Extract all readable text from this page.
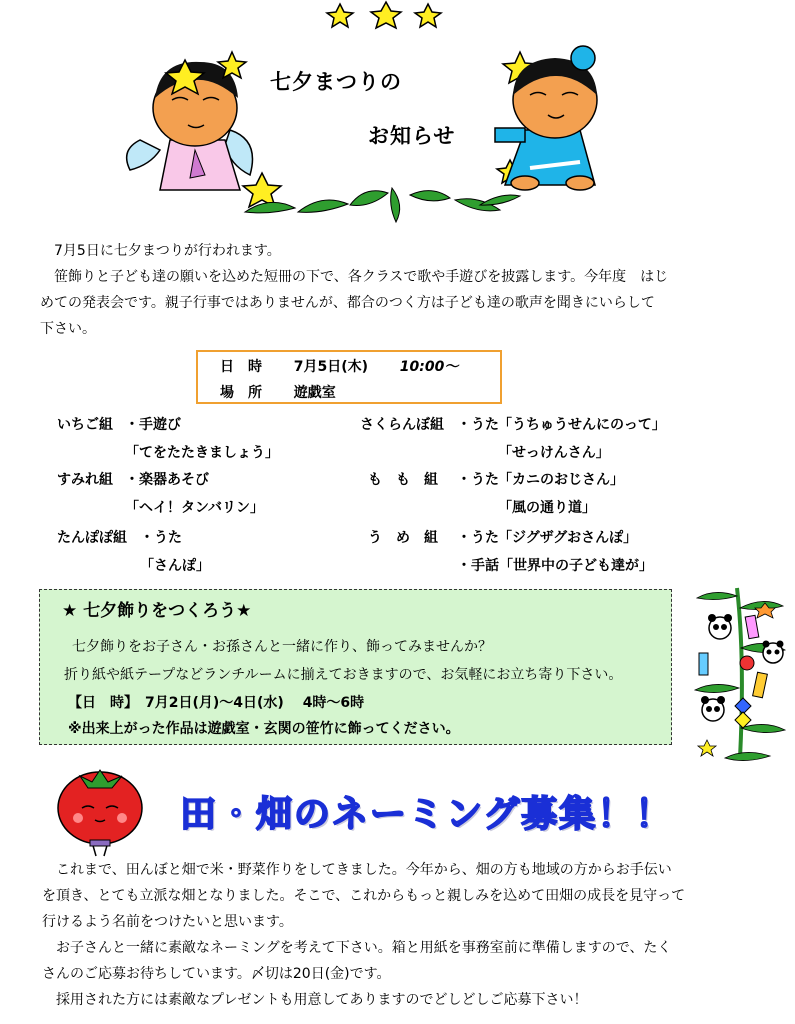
七夕まつりの
お知らせ

　7月5日に七夕まつりが行われます。

　笹飾りと子ども達の願いを込めた短冊の下で、各クラスで歌や手遊びを披露します。今年度　はじ

めての発表会です。親子行事ではありませんが、都合のつく方は子ども達の歌声を聞きにいらして

下さい。

日　時 7月5日(木) 10:00～
場　所 遊戯室
いちご組 ・手遊び
「てをたたきましょう」
すみれ組 ・楽器あそび
「ヘイ！タンバリン」
たんぽぽ組 ・うた
「さんぽ」
さくらんぼ組 ・うた 「うちゅうせんにのって」
「せっけんさん」
も　も　組 ・うた 「カニのおじさん」
「風の通り道」
う　め　組 ・うた 「ジグザグおさんぽ」
・手話「世界中の子ども達が」
★ 七夕飾りをつくろう★
七夕飾りをお子さん・お孫さんと一緒に作り、飾ってみませんか？
折り紙や紙テープなどランチルームに揃えておきますので、お気軽にお立ち寄り下さい。
【日　時】　7月2日(月)～4日(水)　 4時～6時
※出来上がった作品は遊戯室・玄関の笹竹に飾ってください。
田・畑のネーミング募集！！

　これまで、田んぼと畑で米・野菜作りをしてきました。今年から、畑の方も地域の方からお手伝い

を頂き、とても立派な畑となりました。そこで、これからもっと親しみを込めて田畑の成長を見守って

行けるよう名前をつけたいと思います。

　お子さんと一緒に素敵なネーミングを考えて下さい。箱と用紙を事務室前に準備しますので、たく

さんのご応募お待ちしています。〆切は20日(金)です。

　採用された方には素敵なプレゼントも用意してありますのでどしどしご応募下さい！
